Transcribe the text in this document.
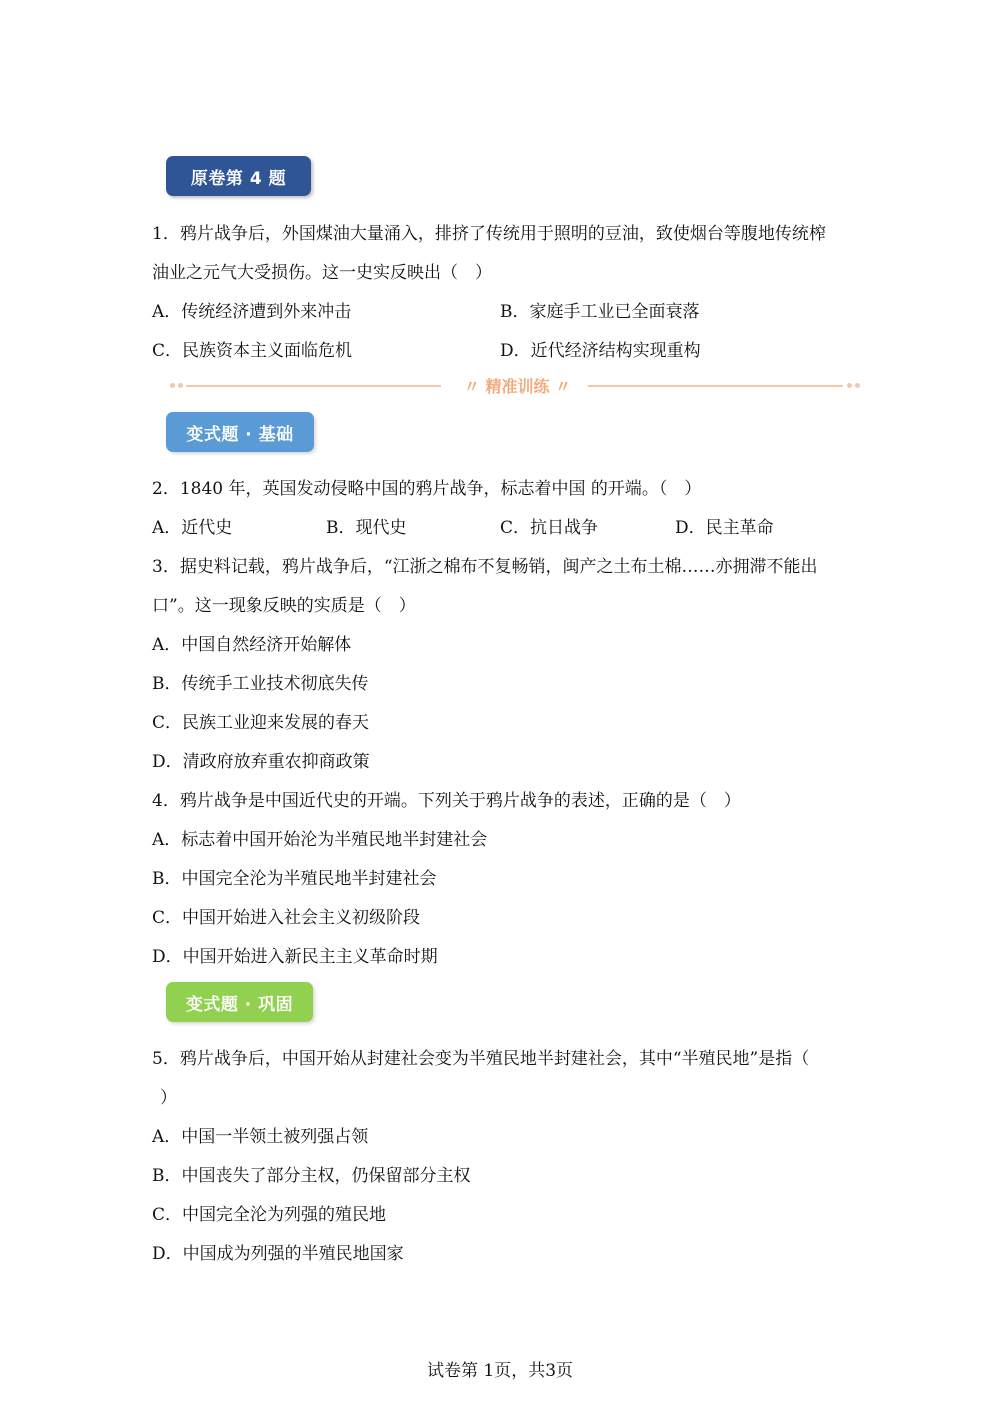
原卷第 4 题
1．鸦片战争后，外国煤油大量涌入，排挤了传统用于照明的豆油，致使烟台等腹地传统榨
油业之元气大受损伤。这一史实反映出（　）
A．传统经济遭到外来冲击	B．家庭手工业已全面衰落
C．民族资本主义面临危机	D．近代经济结构实现重构
〃 精准训练 〃
变式题 · 基础
2．1840 年，英国发动侵略中国的鸦片战争，标志着中国 的开端。（　）
A．近代史	B．现代史	C．抗日战争	D．民主革命
3．据史料记载，鸦片战争后，“江浙之棉布不复畅销，闽产之土布土棉……亦拥滞不能出
口”。这一现象反映的实质是（　）
A．中国自然经济开始解体
B．传统手工业技术彻底失传
C．民族工业迎来发展的春天
D．清政府放弃重农抑商政策
4．鸦片战争是中国近代史的开端。下列关于鸦片战争的表述，正确的是（　）
A．标志着中国开始沦为半殖民地半封建社会
B．中国完全沦为半殖民地半封建社会
C．中国开始进入社会主义初级阶段
D．中国开始进入新民主主义革命时期
变式题 · 巩固
5．鸦片战争后，中国开始从封建社会变为半殖民地半封建社会，其中“半殖民地”是指（
）
A．中国一半领土被列强占领
B．中国丧失了部分主权，仍保留部分主权
C．中国完全沦为列强的殖民地
D．中国成为列强的半殖民地国家
试卷第 1页，共3页
